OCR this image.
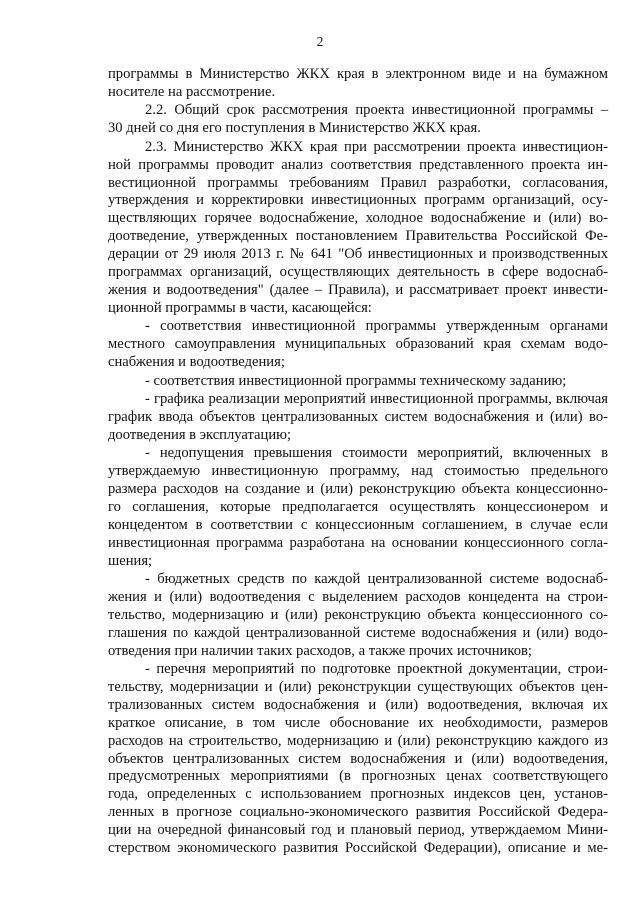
2
программы в Министерство ЖКХ края в электронном виде и на бумажном
носителе на рассмотрение.
2.2. Общий срок рассмотрения проекта инвестиционной программы –
30 дней со дня его поступления в Министерство ЖКХ края.
2.3. Министерство ЖКХ края при рассмотрении проекта инвестицион-
ной программы проводит анализ соответствия представленного проекта ин-
вестиционной программы требованиям Правил разработки, согласования,
утверждения и корректировки инвестиционных программ организаций, осу-
ществляющих горячее водоснабжение, холодное водоснабжение и (или) во-
доотведение, утвержденных постановлением Правительства Российской Фе-
дерации от 29 июля 2013 г. № 641 "Об инвестиционных и производственных
программах организаций, осуществляющих деятельность в сфере водоснаб-
жения и водоотведения" (далее – Правила), и рассматривает проект инвести-
ционной программы в части, касающейся:
- соответствия инвестиционной программы утвержденным органами
местного самоуправления муниципальных образований края схемам водо-
снабжения и водоотведения;
- соответствия инвестиционной программы техническому заданию;
- графика реализации мероприятий инвестиционной программы, включая
график ввода объектов централизованных систем водоснабжения и (или) во-
доотведения в эксплуатацию;
- недопущения превышения стоимости мероприятий, включенных в
утверждаемую инвестиционную программу, над стоимостью предельного
размера расходов на создание и (или) реконструкцию объекта концессионно-
го соглашения, которые предполагается осуществлять концессионером и
концедентом в соответствии с концессионным соглашением, в случае если
инвестиционная программа разработана на основании концессионного согла-
шения;
- бюджетных средств по каждой централизованной системе водоснаб-
жения и (или) водоотведения с выделением расходов концедента на строи-
тельство, модернизацию и (или) реконструкцию объекта концессионного со-
глашения по каждой централизованной системе водоснабжения и (или) водо-
отведения при наличии таких расходов, а также прочих источников;
- перечня мероприятий по подготовке проектной документации, строи-
тельству, модернизации и (или) реконструкции существующих объектов цен-
трализованных систем водоснабжения и (или) водоотведения, включая их
краткое описание, в том числе обоснование их необходимости, размеров
расходов на строительство, модернизацию и (или) реконструкцию каждого из
объектов централизованных систем водоснабжения и (или) водоотведения,
предусмотренных мероприятиями (в прогнозных ценах соответствующего
года, определенных с использованием прогнозных индексов цен, установ-
ленных в прогнозе социально-экономического развития Российской Федера-
ции на очередной финансовый год и плановый период, утверждаемом Мини-
стерством экономического развития Российской Федерации), описание и ме-
